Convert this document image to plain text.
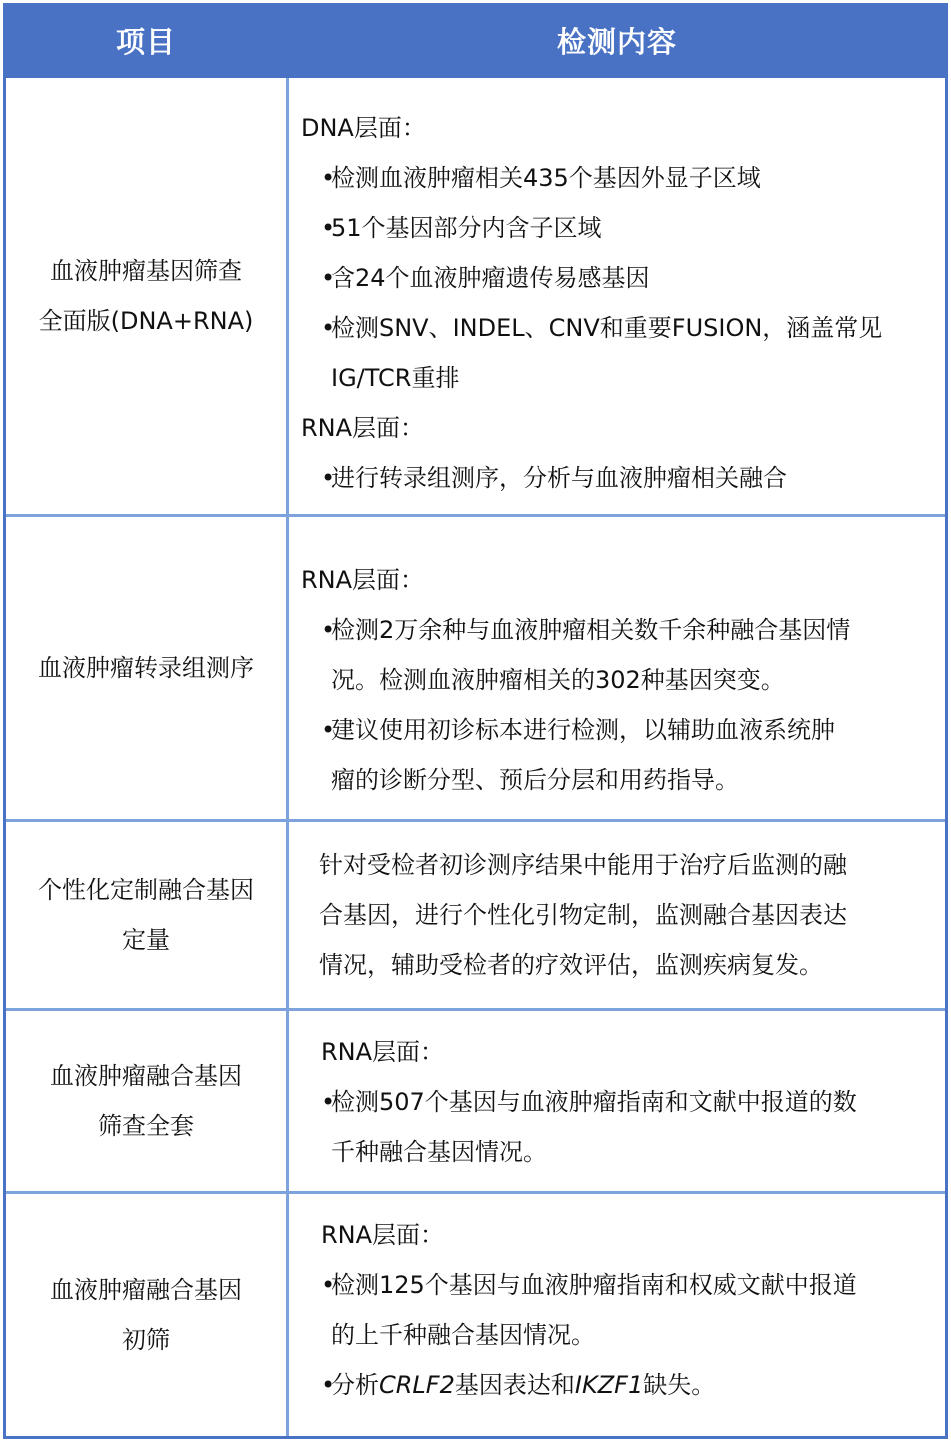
项目	检测内容
血液肿瘤基因筛查
全面版(DNA+RNA)
DNA层面：
•
检测血液肿瘤相关435个基因外显子区域
•
51个基因部分内含子区域
•
含24个血液肿瘤遗传易感基因
•
检测SNV、INDEL、CNV和重要FUSION，涵盖常见
IG/TCR重排
RNA层面：
•
进行转录组测序，分析与血液肿瘤相关融合
血液肿瘤转录组测序
RNA层面：
•
检测2万余种与血液肿瘤相关数千余种融合基因情
况。检测血液肿瘤相关的302种基因突变。
•
建议使用初诊标本进行检测，以辅助血液系统肿
瘤的诊断分型、预后分层和用药指导。
个性化定制融合基因
定量
针对受检者初诊测序结果中能用于治疗后监测的融
合基因，进行个性化引物定制，监测融合基因表达
情况，辅助受检者的疗效评估，监测疾病复发。
血液肿瘤融合基因
筛查全套
RNA层面：
•
检测507个基因与血液肿瘤指南和文献中报道的数
千种融合基因情况。
血液肿瘤融合基因
初筛
RNA层面：
•
检测125个基因与血液肿瘤指南和权威文献中报道
的上千种融合基因情况。
•
分析CRLF2基因表达和IKZF1缺失。
